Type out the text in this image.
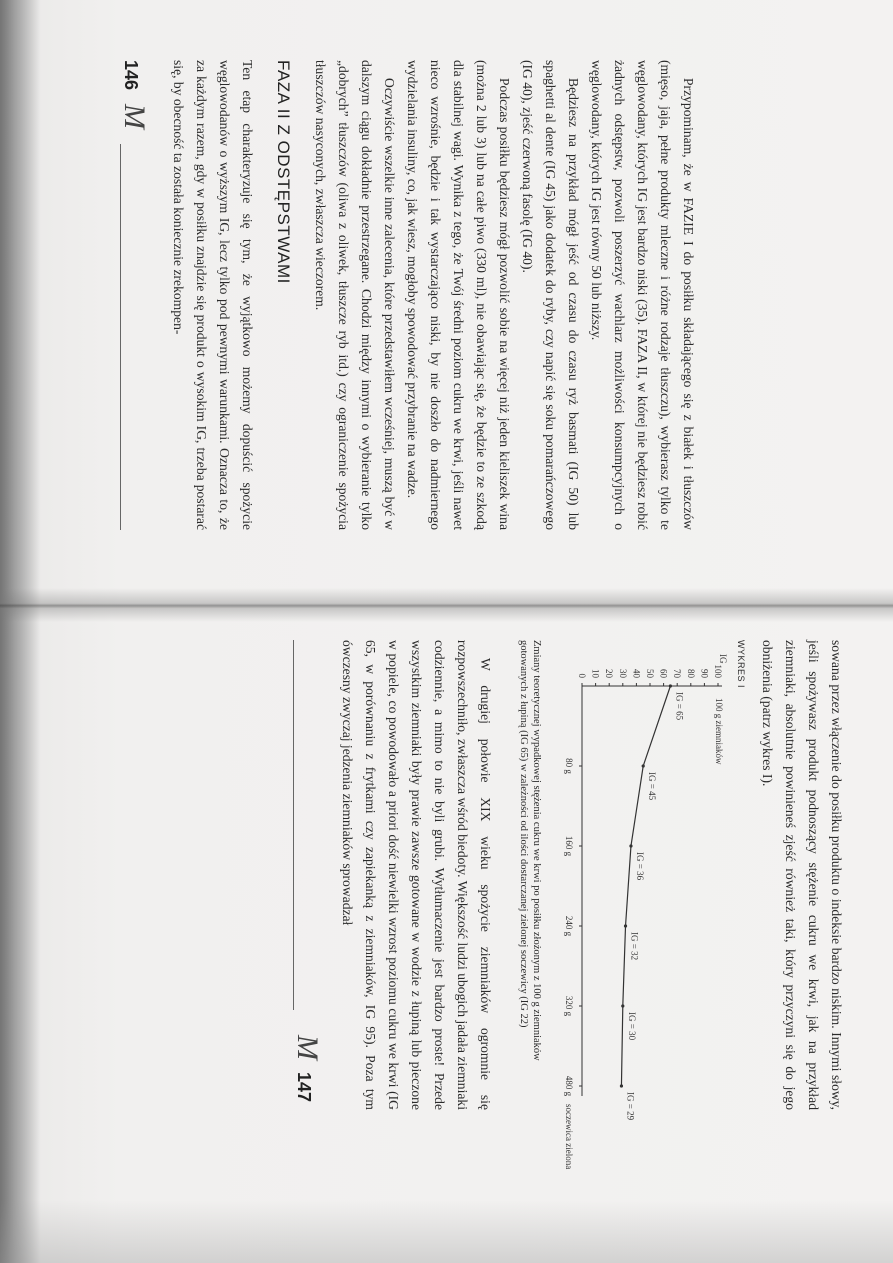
Przypominam, że w FAZIE I do posiłku składającego się z białek i tłuszczów (mięso, jaja, pełne produkty mleczne i różne rodzaje tłuszczu), wybierasz tylko te węglowodany, których IG jest bardzo niski (35). FAZA II, w której nie będziesz robić żadnych odstępstw, pozwoli poszerzyć wachlarz możliwości konsumpcyjnych o węglowodany, których IG jest równy 50 lub niższy.

Będziesz na przykład mógł jeść od czasu do czasu ryż basmati (IG 50) lub spaghetti al dente (IG 45) jako dodatek do ryby, czy napić się soku pomarańczowego (IG 40), zjeść czerwoną fasolę (IG 40).

Podczas posiłku będziesz mógł pozwolić sobie na więcej niż jeden kieliszek wina (można 2 lub 3) lub na całe piwo (330 ml), nie obawiając się, że będzie to ze szkodą dla stabilnej wagi. Wynika z tego, że Twój średni poziom cukru we krwi, jeśli nawet nieco wzrośnie, będzie i tak wystarczająco niski, by nie doszło do nadmiernego wydzielania insuliny, co, jak wiesz, mogłoby spowodować przybranie na wadze.

Oczywiście wszelkie inne zalecenia, które przedstawiłem wcześniej, muszą być w dalszym ciągu dokładnie przestrzegane. Chodzi między innymi o wybieranie tylko „dobrych” tłuszczów (oliwa z oliwek, tłuszcze ryb itd.) czy ograniczenie spożycia tłuszczów nasyconych, zwłaszcza wieczorem.

FAZA II Z ODSTĘPSTWAMI

Ten etap charakteryzuje się tym, że wyjątkowo możemy dopuścić spożycie węglowodanów o wyższym IG, lecz tylko pod pewnymi warunkami. Oznacza to, że za każdym razem, gdy w posiłku znajdzie się produkt o wysokim IG, trzeba postarać się, by obecność ta została koniecznie zrekompen-

146
M

sowana przez włączenie do posiłku produktu o indeksie bardzo niskim. Innymi słowy, jeśli spożywasz produkt podnoszący stężenie cukru we krwi, jak na przykład ziemniaki, absolutnie powinieneś zjeść również taki, który przyczyni się do jego obniżenia (patrz wykres I).

WYKRES I

IG
100 g ziemniaków
100
90
80
70
60
50
40
30
20
10
0
80 g
160 g
240 g
320 g
480 g
soczewica zielona
IG = 65
IG = 45
IG = 36
IG = 32
IG = 30
IG = 29

Zmiany teoretycznej wypadkowej stężenia cukru we krwi po posiłku złożonym z 100 g ziemniaków gotowanych z łupiną (IG 65) w zależności od ilości dostarczanej zielonej soczewicy (IG 22)

W drugiej połowie XIX wieku spożycie ziemniaków ogromnie się rozpowszechniło, zwłaszcza wśród biedoty. Większość ludzi ubogich jadała ziemniaki codziennie, a mimo to nie byli grubi. Wytłumaczenie jest bardzo proste! Przede wszystkim ziemniaki były prawie zawsze gotowane w wodzie z łupiną lub pieczone w popiele, co powodowało a priori dość niewielki wzrost poziomu cukru we krwi (IG 65, w porównaniu z frytkami czy zapiekanką z ziemniaków, IG 95). Poza tym ówczesny zwyczaj jedzenia ziemniaków sprowadzał

M
147
